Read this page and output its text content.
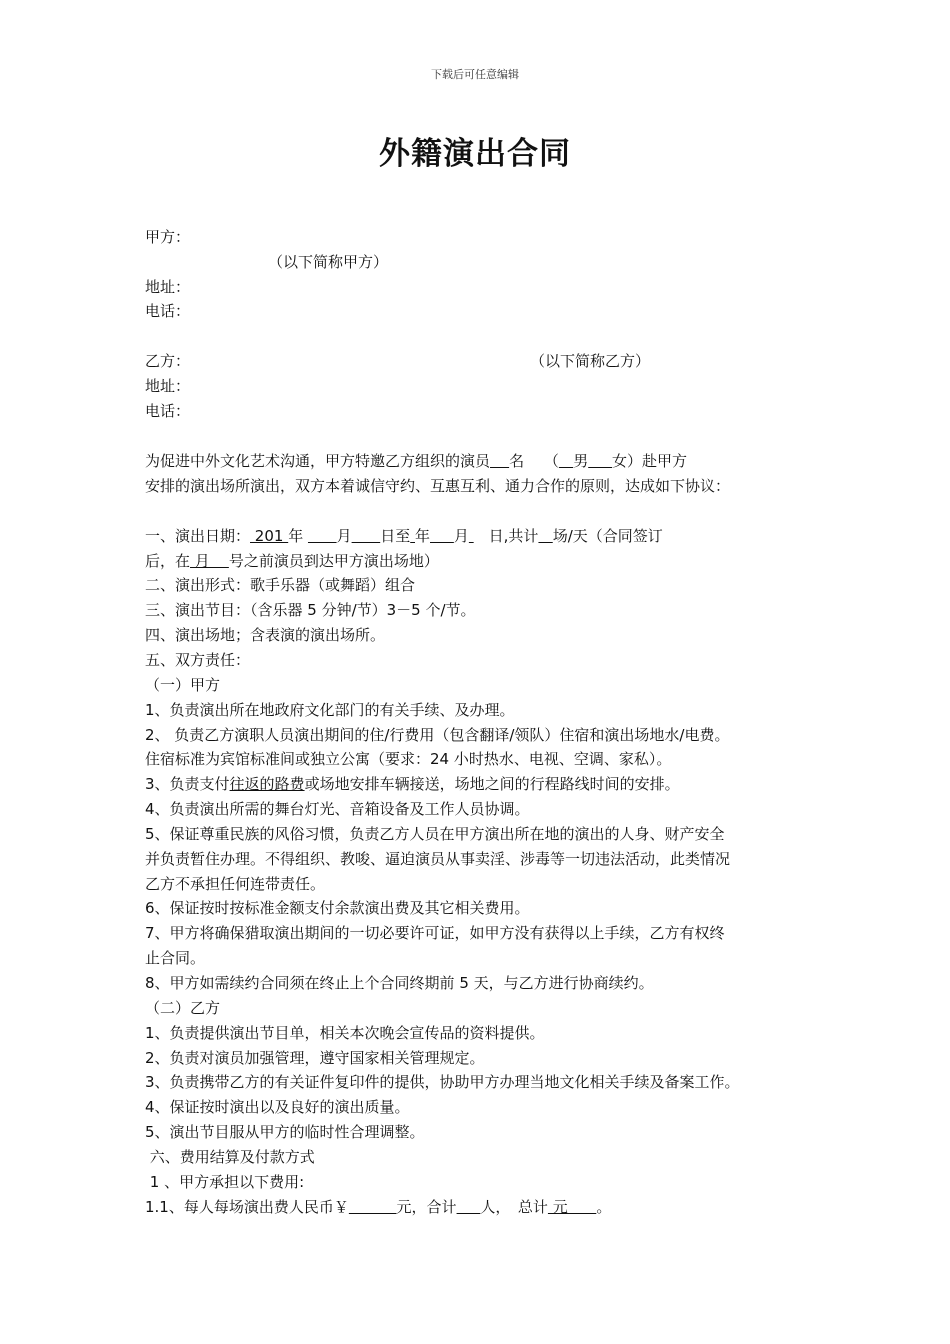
下载后可任意编辑
外籍演出合同
甲方：
（以下简称甲方）
地址：
电话：
乙方：	（以下简称乙方）
地址：
电话：
为促进中外文化艺术沟通，甲方特邀乙方组织的演员 名　 （ 男 女）赴甲方
安排的演出场所演出，双方本着诚信守约、互惠互利、通力合作的原则，达成如下协议：
一、演出日期： 201 年       月 日至 年 月 　日,共计 场/天（合同签订
后，在 月    号之前演员到达甲方演出场地）
二、演出形式：歌手乐器（或舞蹈）组合
三、演出节目：（含乐器 5 分钟/节）3－5 个/节。
四、演出场地；含表演的演出场所。
五、双方责任：
（一）甲方
1、负责演出所在地政府文化部门的有关手续、及办理。
2、 负责乙方演职人员演出期间的住/行费用（包含翻译/领队）住宿和演出场地水/电费。
住宿标准为宾馆标准间或独立公寓（要求：24 小时热水、电视、空调、家私）。
3、负责支付往返的路费或场地安排车辆接送，场地之间的行程路线时间的安排。
4、负责演出所需的舞台灯光、音箱设备及工作人员协调。
5、保证尊重民族的风俗习惯，负责乙方人员在甲方演出所在地的演出的人身、财产安全
并负责暂住办理。不得组织、教唆、逼迫演员从事卖淫、涉毒等一切违法活动，此类情况
乙方不承担任何连带责任。
6、保证按时按标准金额支付余款演出费及其它相关费用。
7、甲方将确保猎取演出期间的一切必要许可证，如甲方没有获得以上手续，乙方有权终
止合同。
8、甲方如需续约合同须在终止上个合同终期前 5 天，与乙方进行协商续约。
（二）乙方
1、负责提供演出节目单，相关本次晚会宣传品的资料提供。
2、负责对演员加强管理，遵守国家相关管理规定。
3、负责携带乙方的有关证件复印件的提供，协助甲方办理当地文化相关手续及备案工作。
4、保证按时演出以及良好的演出质量。
5、演出节目服从甲方的临时性合理调整。
六、费用结算及付款方式
1 、甲方承担以下费用:
1.1、每人每场演出费人民币￥	元，合计 人，　总计 元      。
